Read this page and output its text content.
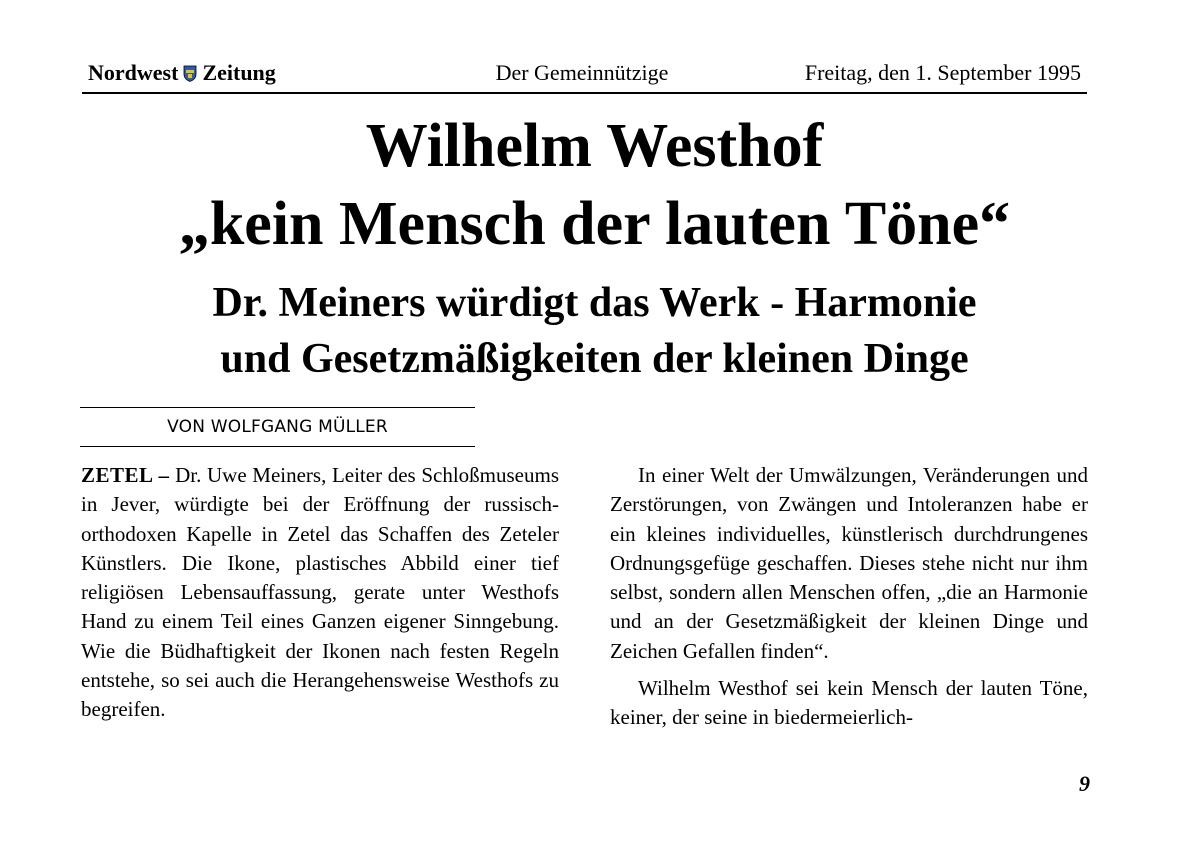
Nordwest Zeitung	Der Gemeinnützige	Freitag, den 1. September 1995
Wilhelm Westhof
„kein Mensch der lauten Töne“
Dr. Meiners würdigt das Werk - Harmonie
und Gesetzmäßigkeiten der kleinen Dinge
VON WOLFGANG MÜLLER

ZETEL – Dr. Uwe Meiners, Leiter des Schloßmuseums in Jever, würdigte bei der Eröffnung der russisch-orthodoxen Kapelle in Zetel das Schaffen des Zeteler Künstlers. Die Ikone, plastisches Abbild einer tief religiösen Lebensauffassung, gerate unter Westhofs Hand zu einem Teil eines Ganzen eigener Sinngebung. Wie die Büdhaftigkeit der Ikonen nach festen Regeln entstehe, so sei auch die Herangehensweise Westhofs zu begreifen.

In einer Welt der Umwälzungen, Veränderungen und Zerstörungen, von Zwängen und Intoleranzen habe er ein kleines individuelles, künstlerisch durchdrungenes Ordnungsgefüge geschaffen. Dieses stehe nicht nur ihm selbst, sondern allen Menschen offen, „die an Harmonie und an der Gesetzmäßigkeit der kleinen Dinge und Zeichen Gefallen finden“.

Wilhelm Westhof sei kein Mensch der lauten Töne, keiner, der seine in biedermeierlich-

9
